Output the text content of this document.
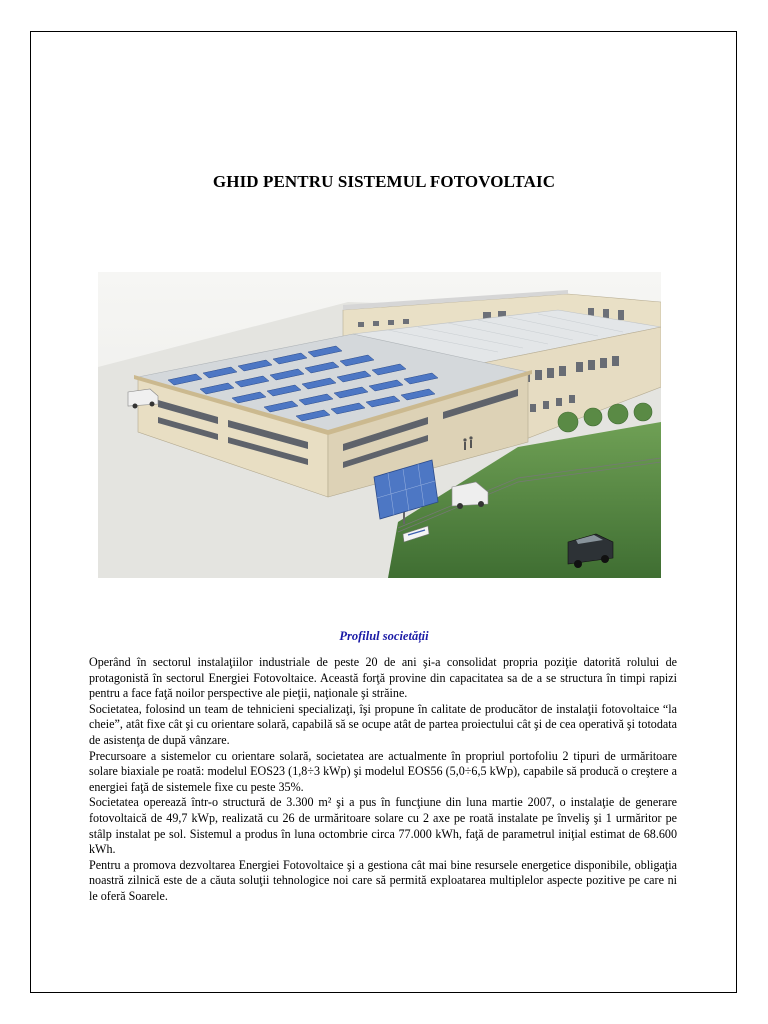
GHID PENTRU SISTEMUL FOTOVOLTAIC
Profilul societății

Operând în sectorul instalaţiilor industriale de peste 20 de ani şi-a consolidat propria poziţie datorită rolului de protagonistă în sectorul Energiei Fotovoltaice. Această forţă provine din capacitatea sa de a se structura în timpi rapizi pentru a face faţă noilor perspective ale pieţii, naţionale şi străine.

Societatea, folosind un team de tehnicieni specializaţi, îşi propune în calitate de producător de instalaţii fotovoltaice “la cheie”, atât fixe cât şi cu orientare solară, capabilă să se ocupe atât de partea proiectului cât şi de cea operativă şi totodata de asistenţa de după vânzare.

Precursoare a sistemelor cu orientare solară, societatea are actualmente în propriul portofoliu 2 tipuri de urmăritoare solare biaxiale pe roată: modelul EOS23 (1,8÷3 kWp) şi modelul EOS56 (5,0÷6,5 kWp), capabile să producă o creştere a energiei faţă de sistemele fixe cu peste 35%.

Societatea operează într-o structură de 3.300 m² şi a pus în funcţiune din luna martie 2007, o instalaţie de generare fotovoltaică de 49,7 kWp, realizată cu 26 de urmăritoare solare cu 2 axe pe roată instalate pe înveliş şi 1 urmăritor pe stâlp instalat pe sol. Sistemul a produs în luna octombrie circa 77.000 kWh, faţă de parametrul iniţial estimat de 68.600 kWh.

Pentru a promova dezvoltarea Energiei Fotovoltaice şi a gestiona cât mai bine resursele energetice disponibile, obligaţia noastră zilnică este de a căuta soluţii tehnologice noi care să permită exploatarea multiplelor aspecte pozitive pe care ni le oferă Soarele.
